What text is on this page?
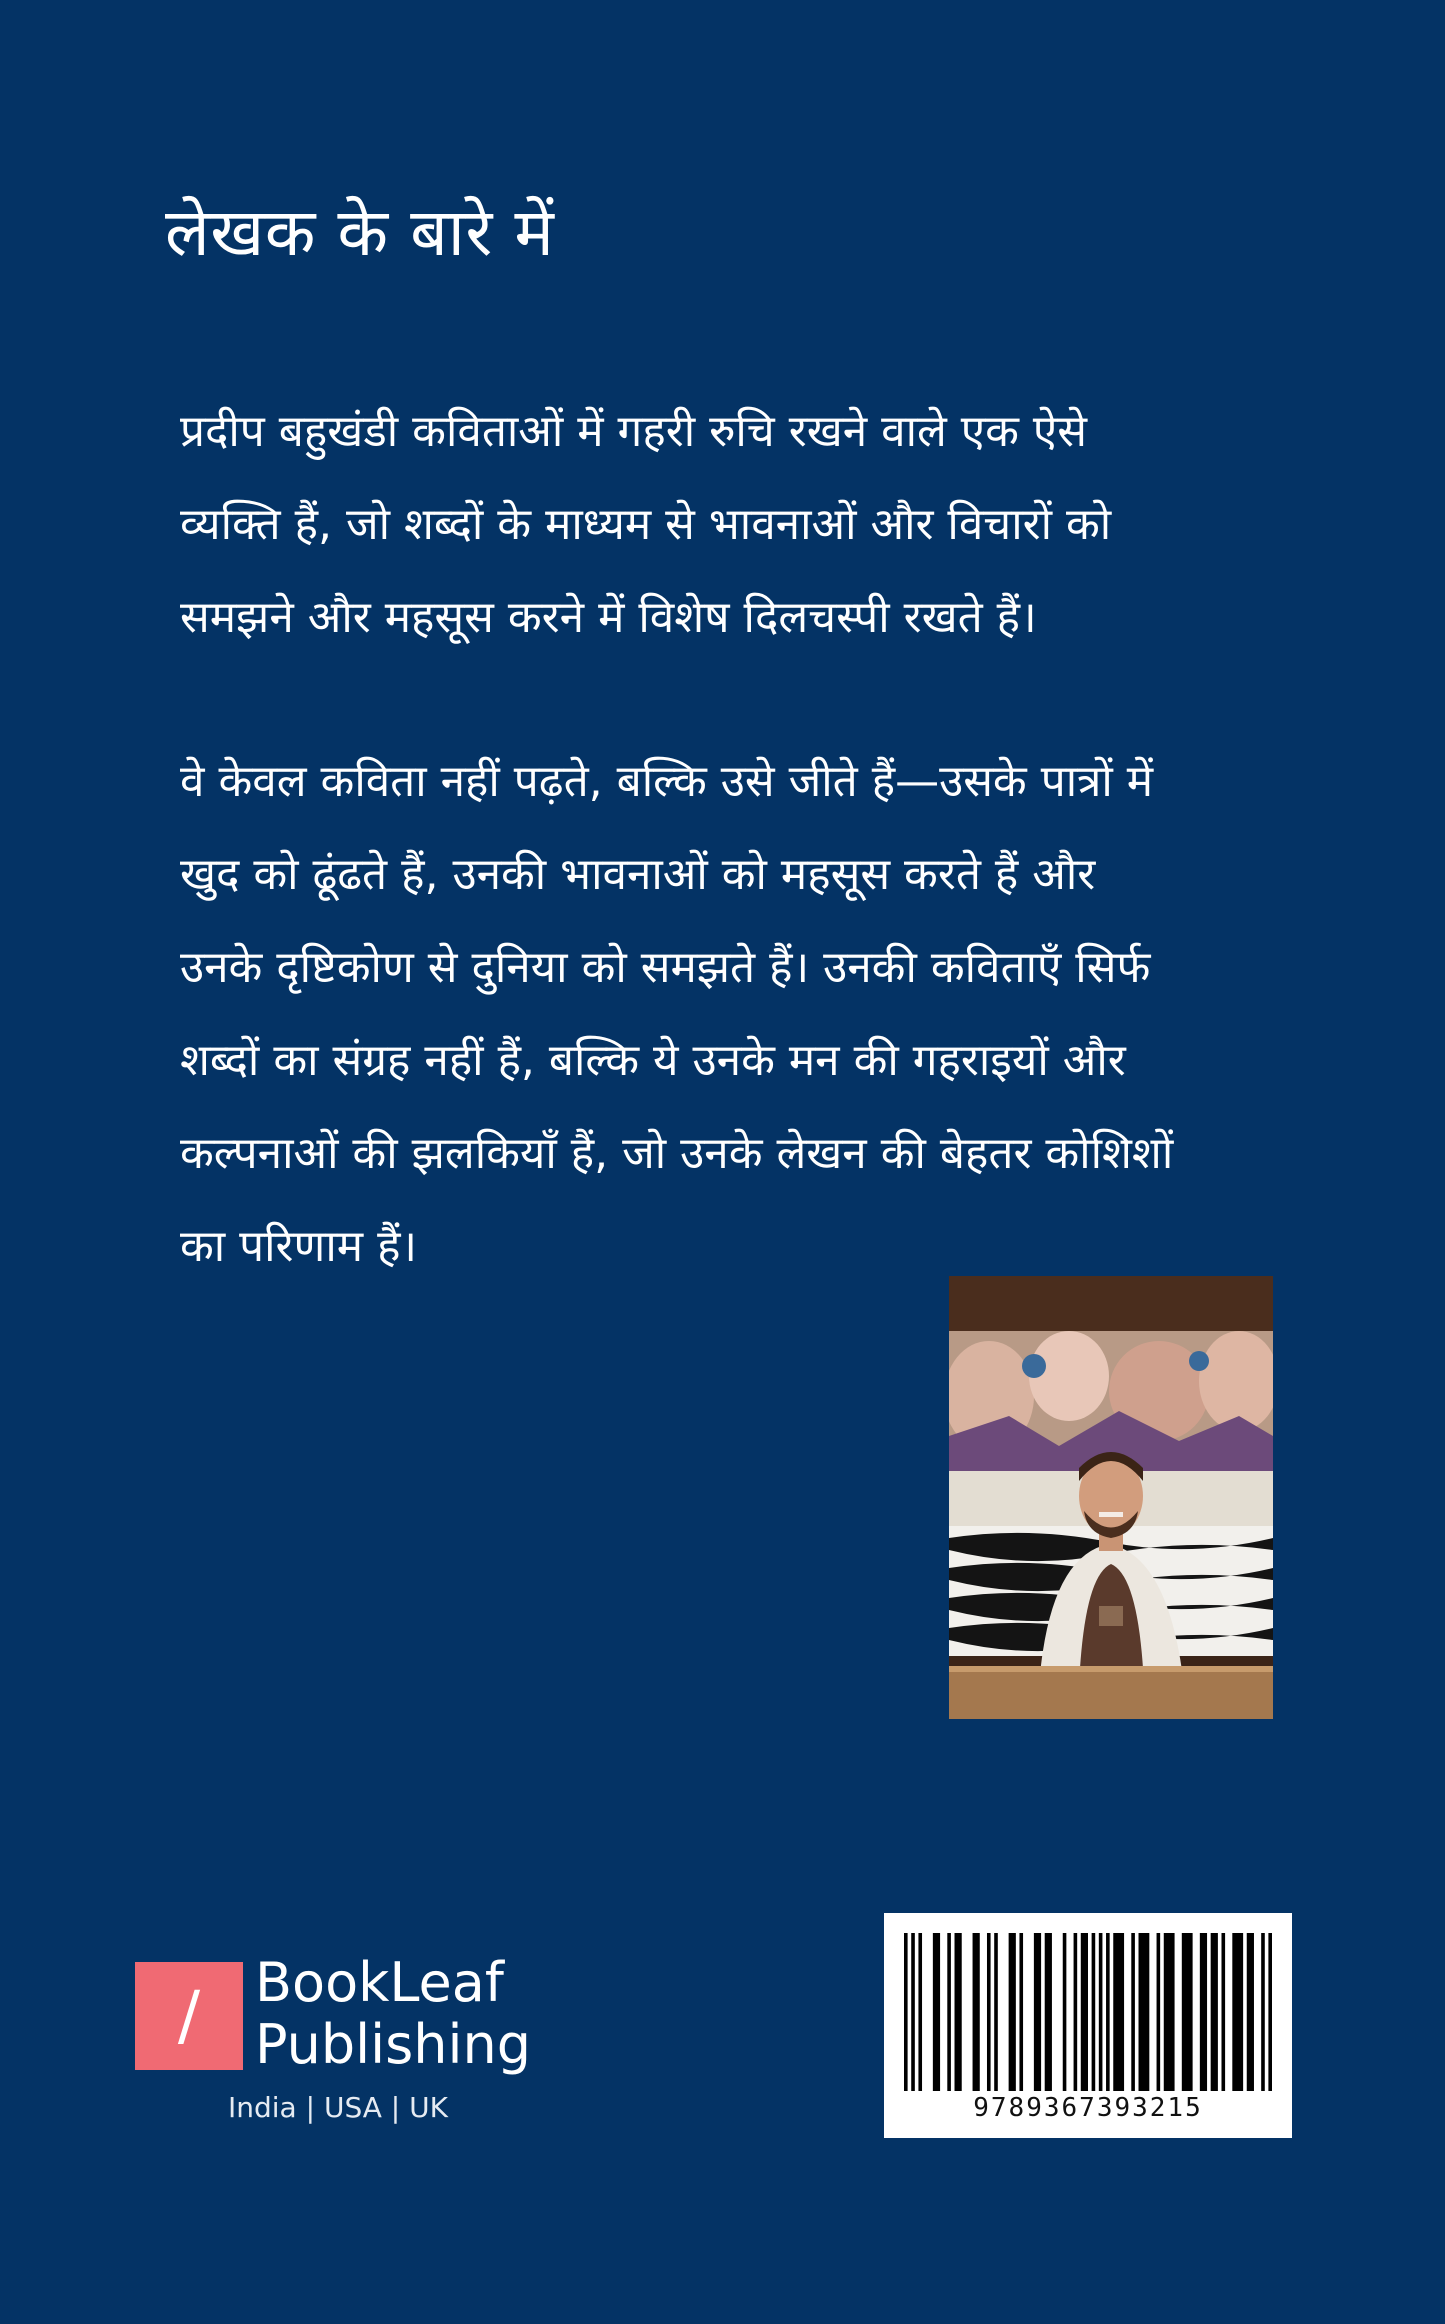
लेखक के बारे में

प्रदीप बहुखंडी कविताओं में गहरी रुचि रखने वाले एक ऐसे व्यक्ति हैं, जो शब्दों के माध्यम से भावनाओं और विचारों को समझने और महसूस करने में विशेष दिलचस्पी रखते हैं।

वे केवल कविता नहीं पढ़ते, बल्कि उसे जीते हैं—उसके पात्रों में खुद को ढूंढते हैं, उनकी भावनाओं को महसूस करते हैं और उनके दृष्टिकोण से दुनिया को समझते हैं। उनकी कविताएँ सिर्फ शब्दों का संग्रह नहीं हैं, बल्कि ये उनके मन की गहराइयों और कल्पनाओं की झलकियाँ हैं, जो उनके लेखन की बेहतर कोशिशों का परिणाम हैं।

/	BookLeaf
Publishing
India | USA | UK	9789367393215
